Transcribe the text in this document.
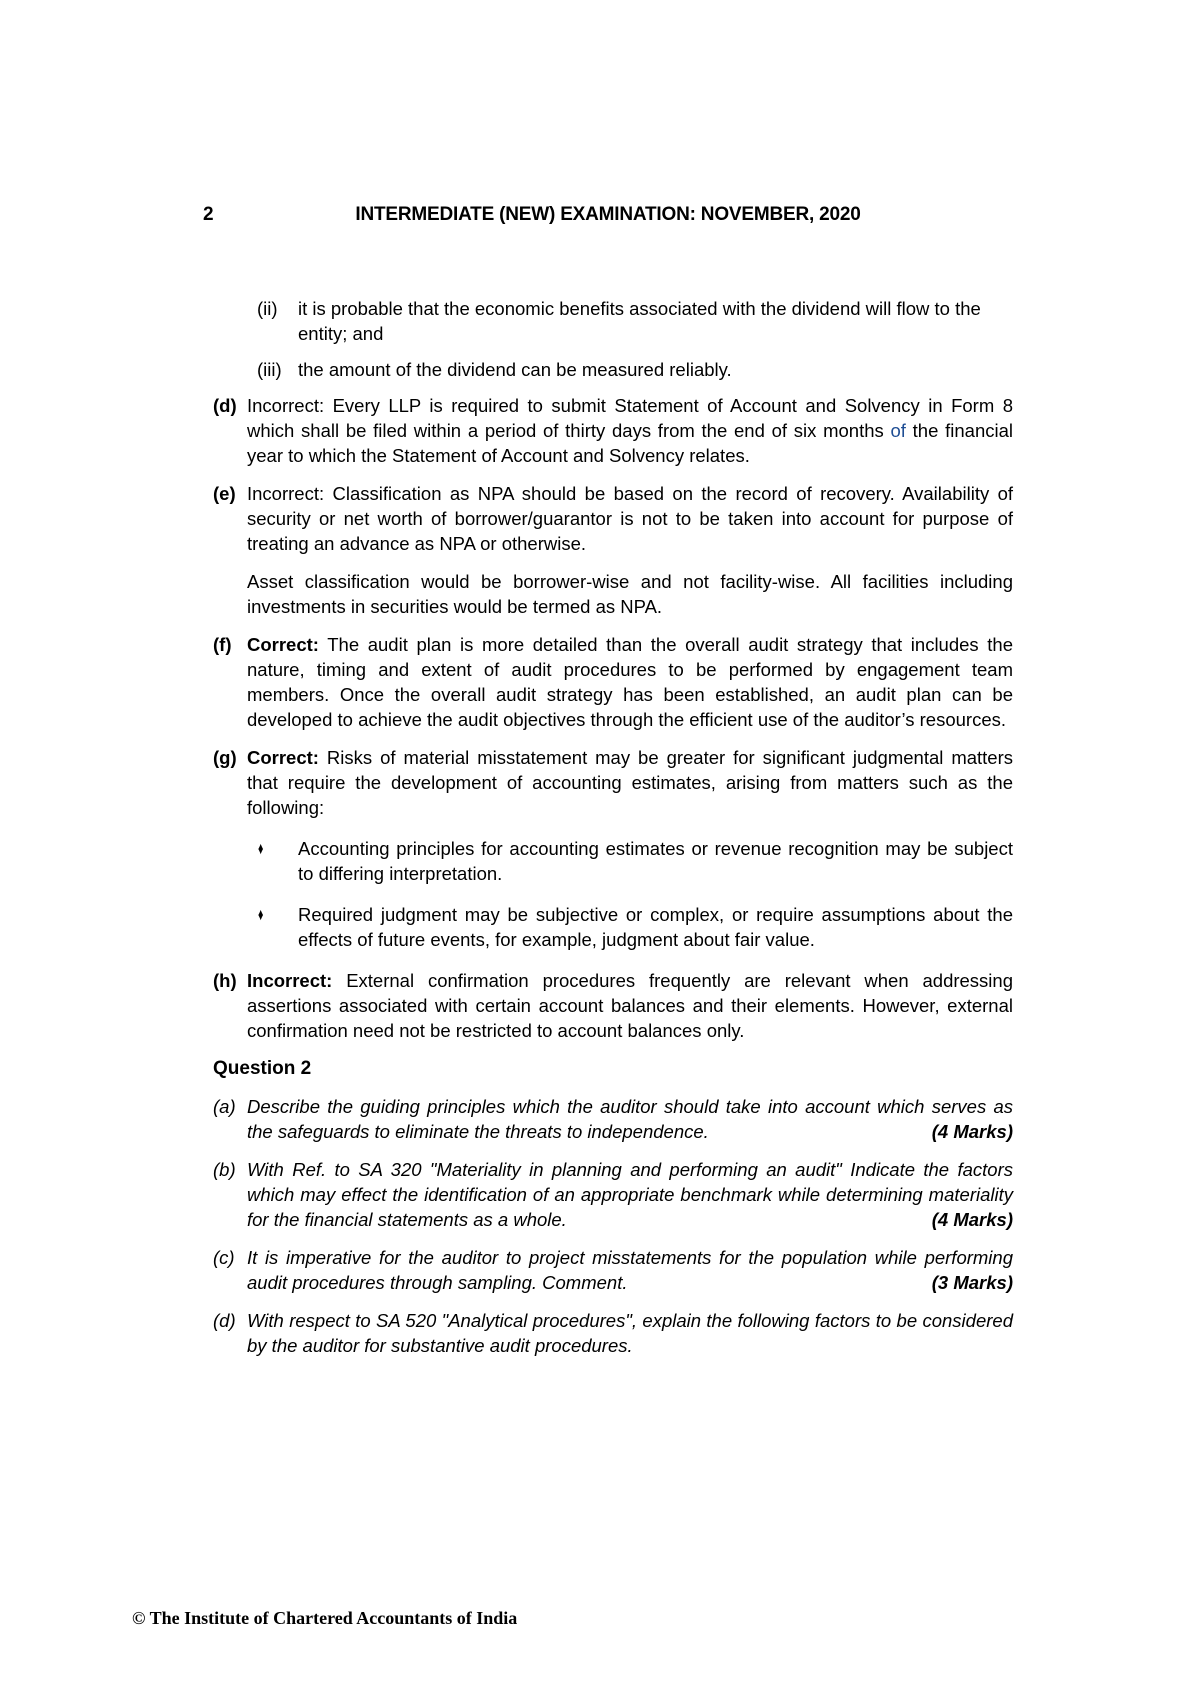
2	INTERMEDIATE (NEW) EXAMINATION: NOVEMBER, 2020
(ii) it is probable that the economic benefits associated with the dividend will flow to the entity; and
(iii) the amount of the dividend can be measured reliably.
(d) Incorrect: Every LLP is required to submit Statement of Account and Solvency in Form 8 which shall be filed within a period of thirty days from the end of six months of the financial year to which the Statement of Account and Solvency relates.

(e) Incorrect: Classification as NPA should be based on the record of recovery. Availability of security or net worth of borrower/guarantor is not to be taken into account for purpose of treating an advance as NPA or otherwise.

Asset classification would be borrower-wise and not facility-wise. All facilities including investments in securities would be termed as NPA.

(f) Correct: The audit plan is more detailed than the overall audit strategy that includes the nature, timing and extent of audit procedures to be performed by engagement team members. Once the overall audit strategy has been established, an audit plan can be developed to achieve the audit objectives through the efficient use of the auditor’s resources.

(g) Correct: Risks of material misstatement may be greater for significant judgmental matters that require the development of accounting estimates, arising from matters such as the following:

♦ Accounting principles for accounting estimates or revenue recognition may be subject to differing interpretation.
♦ Required judgment may be subjective or complex, or require assumptions about the effects of future events, for example, judgment about fair value.
(h) Incorrect: External confirmation procedures frequently are relevant when addressing assertions associated with certain account balances and their elements. However, external confirmation need not be restricted to account balances only.

Question 2
(a) Describe the guiding principles which the auditor should take into account which serves as the safeguards to eliminate the threats to independence.	(4 Marks)

(b) With Ref. to SA 320 "Materiality in planning and performing an audit" Indicate the factors which may effect the identification of an appropriate benchmark while determining materiality for the financial statements as a whole.	(4 Marks)

(c) It is imperative for the auditor to project misstatements for the population while performing audit procedures through sampling. Comment.	(3 Marks)

(d) With respect to SA 520 "Analytical procedures", explain the following factors to be considered by the auditor for substantive audit procedures.

© The Institute of Chartered Accountants of India
